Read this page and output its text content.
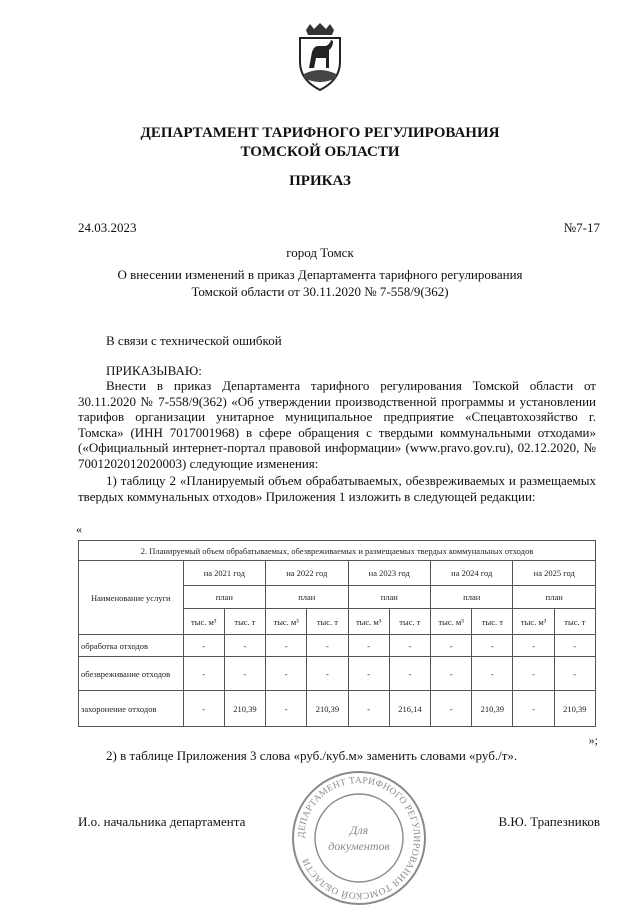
ДЕПАРТАМЕНТ ТАРИФНОГО РЕГУЛИРОВАНИЯ
ТОМСКОЙ ОБЛАСТИ
ПРИКАЗ
24.03.2023	№7-17
город Томск
О внесении изменений в приказ Департамента тарифного регулирования
Томской области от 30.11.2020 № 7-558/9(362)
В связи с технической ошибкой
ПРИКАЗЫВАЮ:
Внести в приказ Департамента тарифного регулирования Томской области от 30.11.2020 № 7-558/9(362) «Об утверждении производственной программы и установлении тарифов организации унитарное муниципальное предприятие «Спецавтохозяйство г. Томска» (ИНН 7017001968) в сфере обращения с твердыми коммунальными отходами» («Официальный интернет-портал правовой информации» (www.pravo.gov.ru), 02.12.2020, № 7001202012020003) следующие изменения:
1) таблицу 2 «Планируемый объем обрабатываемых, обезвреживаемых и размещаемых твердых коммунальных отходов» Приложения 1 изложить в следующей редакции:
«
2. Планируемый объем обрабатываемых, обезвреживаемых и размещаемых твердых коммунальных отходов										
Наименование услуги	на 2021 год		на 2022 год		на 2023 год		на 2024 год		на 2025 год	
	план		план		план		план		план	
	тыс. м³	тыс. т	тыс. м³	тыс. т	тыс. м³	тыс. т	тыс. м³	тыс. т	тыс. м³	тыс. т
обработка отходов	-	-	-	-	-	-	-	-	-	-
обезвреживание отходов	-	-	-	-	-	-	-	-	-	-
захоронение отходов	-	210,39	-	210,39	-	216,14	-	210,39	-	210,39
»;
2) в таблице Приложения 3 слова «руб./куб.м» заменить словами «руб./т».
ДЕПАРТАМЕНТ ТАРИФНОГО РЕГУЛИРОВАНИЯ ТОМСКОЙ ОБЛАСТИ
Для
документов
И.о. начальника департамента	В.Ю. Трапезников
